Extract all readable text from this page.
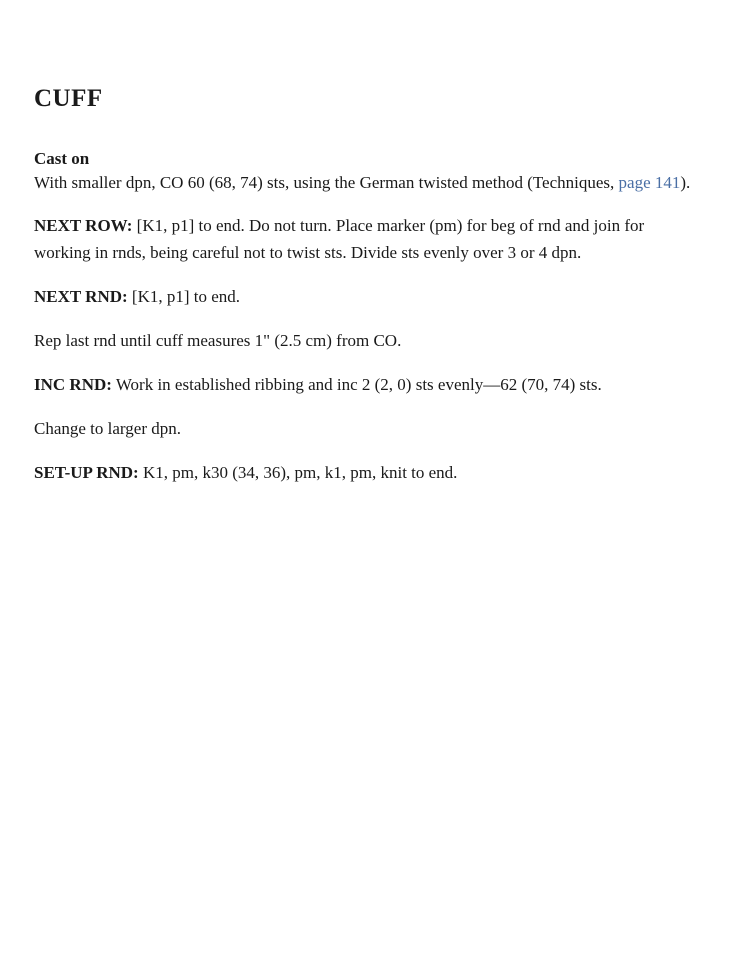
CUFF
Cast on

With smaller dpn, CO 60 (68, 74) sts, using the German twisted method (Techniques, page 141).

NEXT ROW: [K1, p1] to end. Do not turn. Place marker (pm) for beg of rnd and join for
working in rnds, being careful not to twist sts. Divide sts evenly over 3 or 4 dpn.

NEXT RND: [K1, p1] to end.

Rep last rnd until cuff measures 1" (2.5 cm) from CO.

INC RND: Work in established ribbing and inc 2 (2, 0) sts evenly—62 (70, 74) sts.

Change to larger dpn.

SET-UP RND: K1, pm, k30 (34, 36), pm, k1, pm, knit to end.
